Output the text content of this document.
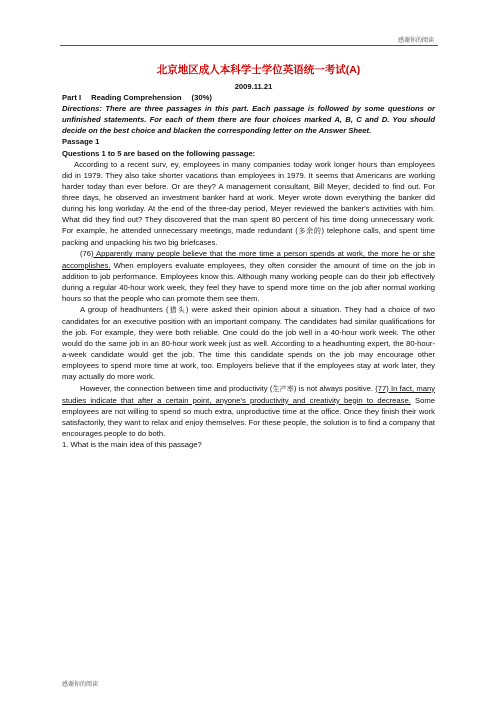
感谢你的阅读
北京地区成人本科学士学位英语统一考试(A)
2009.11.21
Part I Reading Comprehension (30%)

Directions: There are three passages in this part. Each passage is followed by some questions or unfinished statements. For each of them there are four choices marked A, B, C and D. You should decide on the best choice and blacken the corresponding letter on the Answer Sheet.

Passage 1
Questions 1 to 5 are based on the following passage:

According to a recent surv, ey, employees in many companies today work longer hours than employees did in 1979. They also take shorter vacations than employees in 1979. It seems that Americans are working harder today than ever before. Or are they? A management consultant, Bill Meyer, decided to find out. For three days, he observed an investment banker hard at work. Meyer wrote down everything the banker did during his long workday. At the end of the three-day period, Meyer reviewed the banker's activities with him. What did they find out? They discovered that the man spent 80 percent of his time doing unnecessary work. For example, he attended unnecessary meetings, made redundant (多余的) telephone calls, and spent time packing and unpacking his two big briefcases.

(76) Apparently many people believe that the more time a person spends at work, the more he or she accomplishes. When employers evaluate employees, they often consider the amount of time on the job in addition to job performance. Employees know this. Although many working people can do their job effectively during a regular 40-hour work week, they feel they have to spend more time on the job after normal working hours so that the people who can promote them see them.

A group of headhunters (猎头) were asked their opinion about a situation. They had a choice of two candidates for an executive position with an important company. The candidates had similar qualifications for the job. For example, they were both reliable. One could do the job well in a 40-hour work week. The other would do the same job in an 80-hour work week just as well. According to a headhunting expert, the 80-hour-a-week candidate would get the job. The time this candidate spends on the job may encourage other employees to spend more time at work, too. Employers believe that if the employees stay at work later, they may actually do more work.

However, the connection between time and productivity (生产率) is not always positive. (77) In fact, many studies indicate that after a certain point, anyone's productivity and creativity begin to decrease. Some employees are not willing to spend so much extra, unproductive time at the office. Once they finish their work satisfactorily, they want to relax and enjoy themselves. For these people, the solution is to find a company that encourages people to do both.

1. What is the main idea of this passage?
感谢你的阅读
